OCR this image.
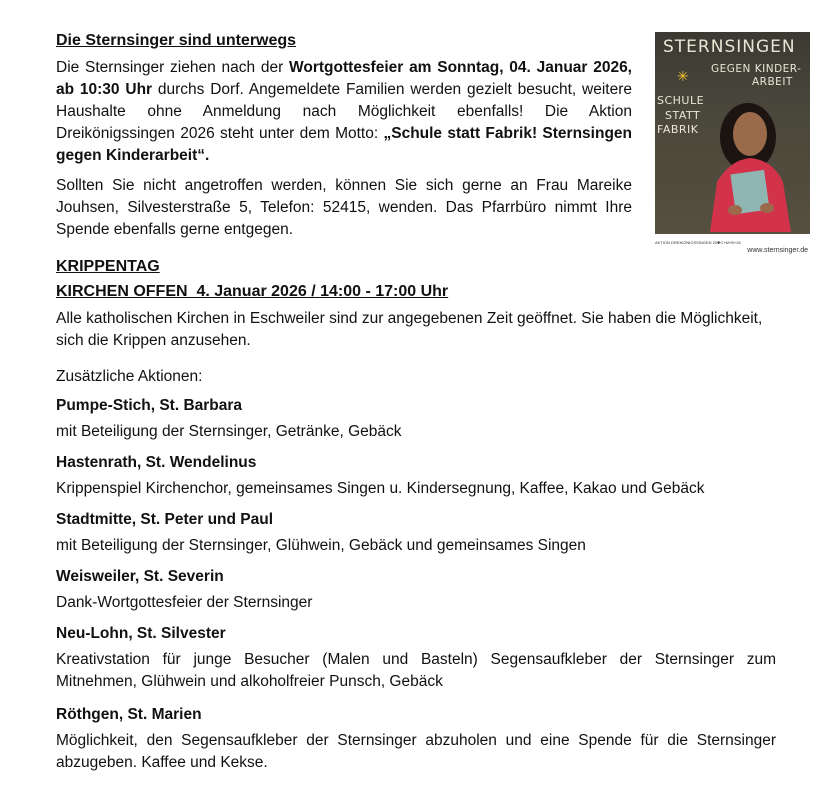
Die Sternsinger sind unterwegs
Die Sternsinger ziehen nach der Wortgottesfeier am Sonntag, 04. Januar 2026, ab 10:30 Uhr durchs Dorf. Angemeldete Familien werden gezielt besucht, weitere Haushalte ohne Anmeldung nach Möglichkeit ebenfalls! Die Aktion Dreikönigssingen 2026 steht unter dem Motto: „Schule statt Fabrik! Sternsingen gegen Kinderarbeit“.
Sollten Sie nicht angetroffen werden, können Sie sich gerne an Frau Mareike Jouhsen, Silvesterstraße 5, Telefon: 52415, wenden. Das Pfarrbüro nimmt Ihre Spende ebenfalls gerne entgegen.
STERNSINGEN
✳ GEGEN KINDER-
ARBEIT
SCHULE
STATT
FABRIK
AKTION DREIKÖNIGSSINGEN 20✱C+M+B+26
www.sternsinger.de
KRIPPENTAG
KIRCHEN OFFEN  4. Januar 2026 / 14:00 - 17:00 Uhr
Alle katholischen Kirchen in Eschweiler sind zur angegebenen Zeit geöffnet. Sie haben die Möglichkeit, sich die Krippen anzusehen.
Zusätzliche Aktionen:
Pumpe-Stich, St. Barbara
mit Beteiligung der Sternsinger, Getränke, Gebäck
Hastenrath, St. Wendelinus
Krippenspiel Kirchenchor, gemeinsames Singen u. Kindersegnung, Kaffee, Kakao und Gebäck
Stadtmitte, St. Peter und Paul
mit Beteiligung der Sternsinger, Glühwein, Gebäck und gemeinsames Singen
Weisweiler, St. Severin
Dank-Wortgottesfeier der Sternsinger
Neu-Lohn, St. Silvester
Kreativstation für junge Besucher (Malen und Basteln) Segensaufkleber der Sternsinger zum Mitnehmen, Glühwein und alkoholfreier Punsch, Gebäck
Röthgen, St. Marien
Möglichkeit, den Segensaufkleber der Sternsinger abzuholen und eine Spende für die Sternsinger abzugeben. Kaffee und Kekse.
